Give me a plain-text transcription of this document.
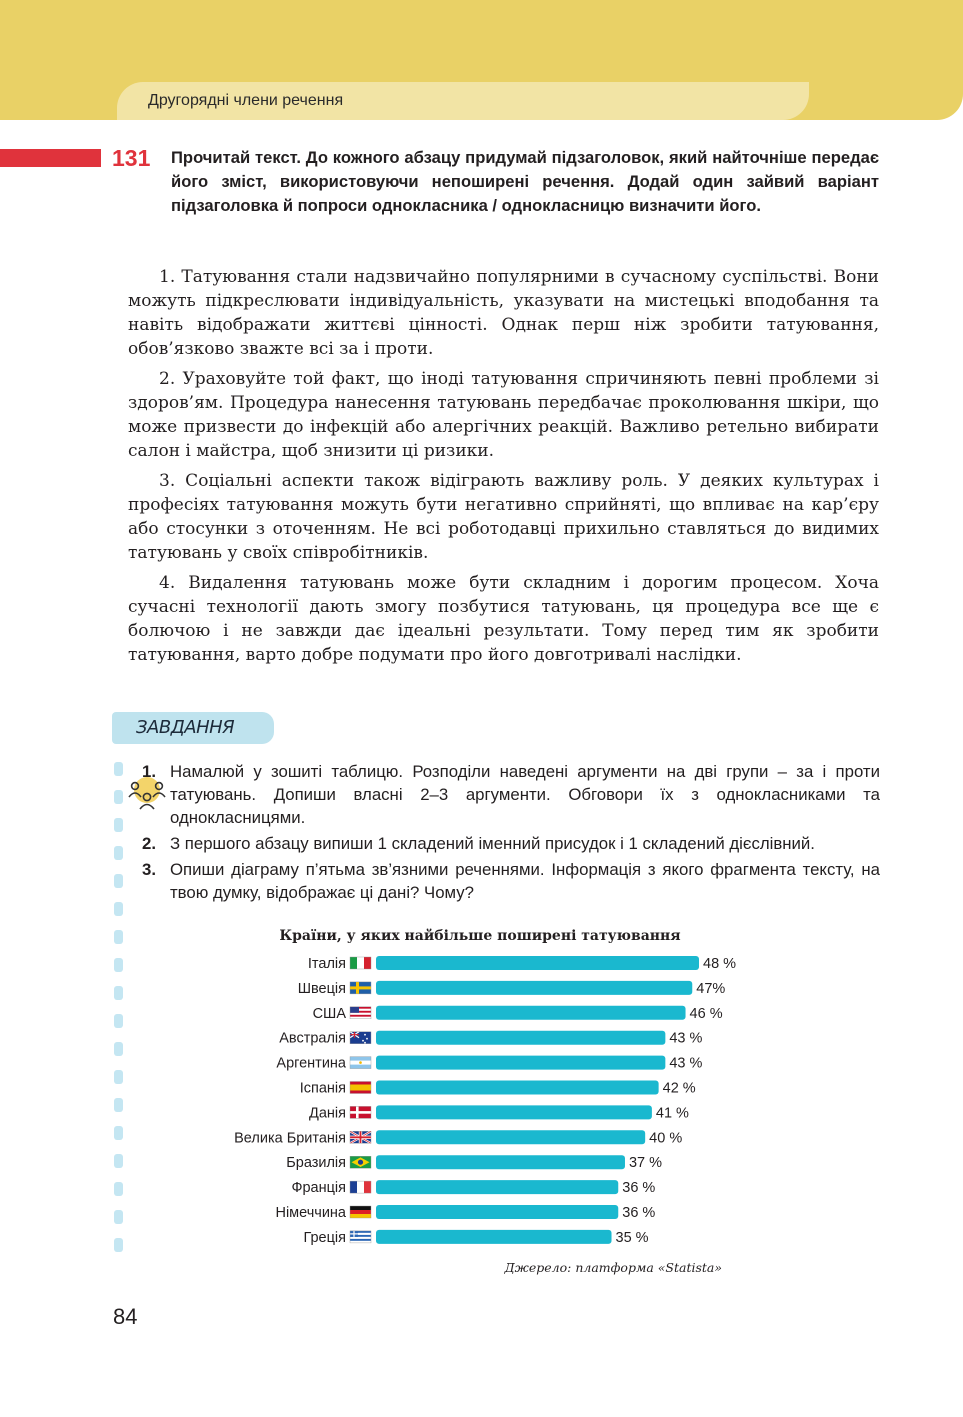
Другорядні члени речення
131 Прочитай текст. До кожного абзацу придумай підзаголовок, який найточніше передає його зміст, використовуючи непоширені речення. Додай один зайвий варіант підзаголовка й попроси однокласника / однокласницю визначити його.

1. Татуювання стали надзвичайно популярними в сучасному суспільстві. Вони можуть підкреслювати індивідуальність, указувати на мистецькі вподобання та навіть відображати життєві цінності. Однак перш ніж зробити татуювання, обов’язково зважте всі за і проти.

2. Ураховуйте той факт, що іноді татуювання спричиняють певні проблеми зі здоров’ям. Процедура нанесення татуювань передбачає проколювання шкіри, що може призвести до інфекцій або алергічних реакцій. Важливо ретельно вибирати салон і майстра, щоб знизити ці ризики.

3. Соціальні аспекти також відіграють важливу роль. У деяких культурах і професіях татуювання можуть бути негативно сприйняті, що впливає на кар’єру або стосунки з оточенням. Не всі роботодавці прихильно ставляться до видимих татуювань у своїх співробітників.

4. Видалення татуювань може бути складним і дорогим процесом. Хоча сучасні технології дають змогу позбутися татуювань, ця процедура все ще є болючою і не завжди дає ідеальні результати. Тому перед тим як зробити татуювання, варто добре подумати про його довготривалі наслідки.

ЗАВДАННЯ
1. Намалюй у зошиті таблицю. Розподіли наведені аргументи на дві групи – за і проти татуювань. Допиши власні 2–3 аргументи. Обговори їх з однокласниками та однокласницями.
2. З першого абзацу випиши 1 складений іменний присудок і 1 складений дієслівний.
3. Опиши діаграму п’ятьма зв’язними реченнями. Інформація з якого фрагмента тексту, на твою думку, відображає ці дані? Чому?
Країни, у яких найбільше поширені татуювання
Італія	48 %
Швеція	47%
США	46 %
Австралія	43 %
Аргентина	43 %
Іспанія	42 %
Данія	41 %
Велика Британія	40 %
Бразилія	37 %
Франція	36 %
Німеччина	36 %
Греція	35 %
Джерело: платформа «Statista»
84
